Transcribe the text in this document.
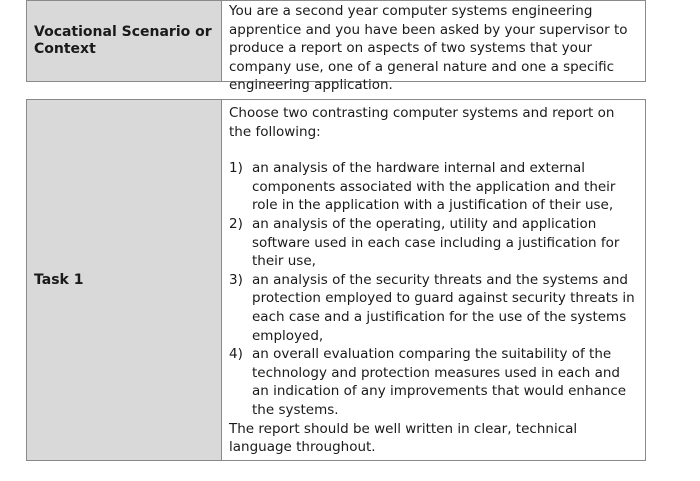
Vocational Scenario or Context
You are a second year computer systems engineering apprentice and you have been asked by your supervisor to produce a report on aspects of two systems that your company use, one of a general nature and one a specific engineering application.
Task 1

Choose two contrasting computer systems and report on the following:

1) an analysis of the hardware internal and external components associated with the application and their role in the application with a justification of their use,
2) an analysis of the operating, utility and application software used in each case including a justification for their use,
3) an analysis of the security threats and the systems and protection employed to guard against security threats in each case and a justification for the use of the systems employed,
4) an overall evaluation comparing the suitability of the technology and protection measures used in each and an indication of any improvements that would enhance the systems.

The report should be well written in clear, technical language throughout.
